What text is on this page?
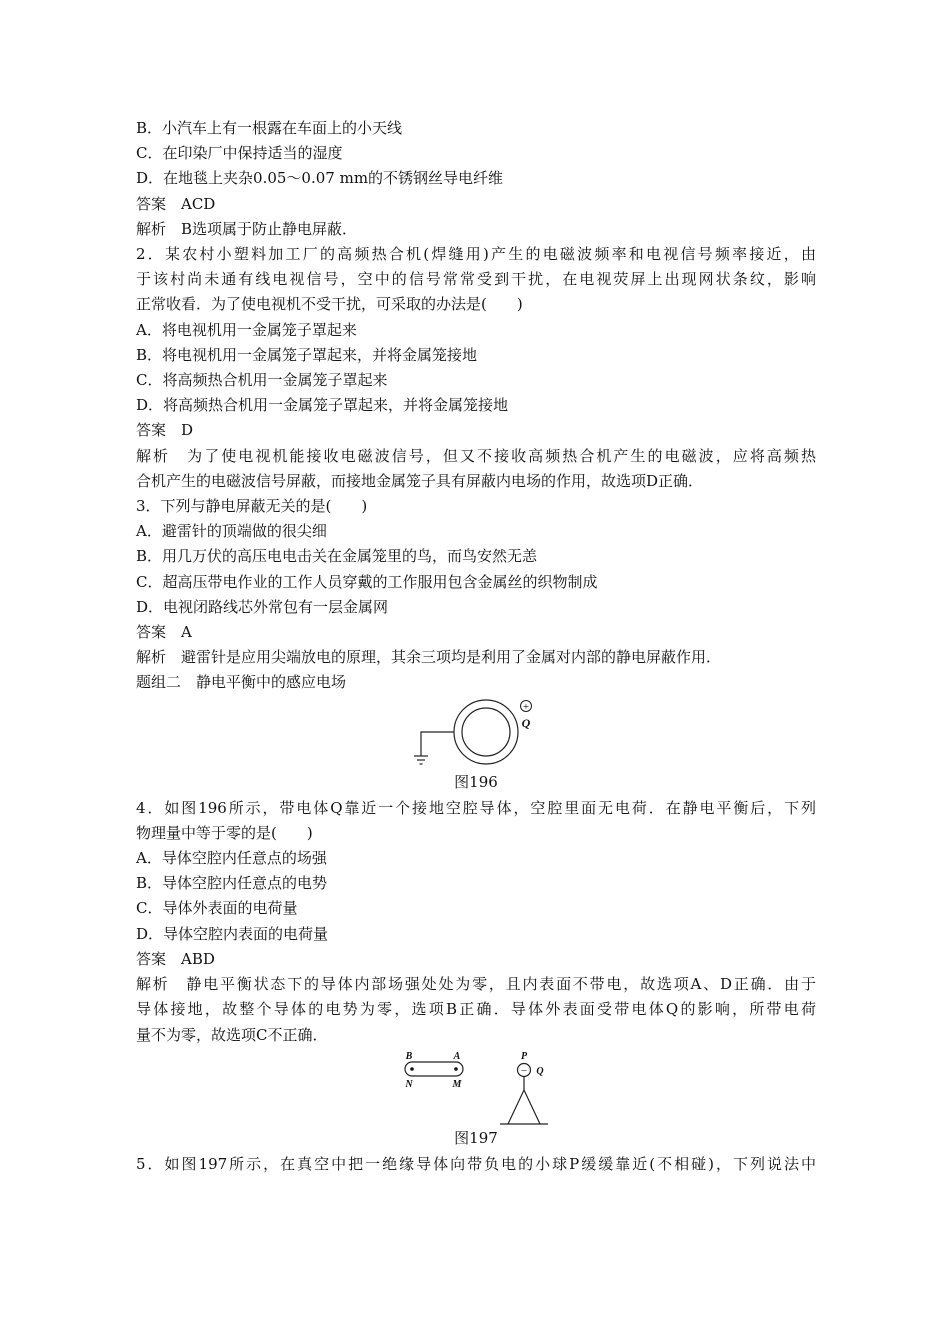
B．小汽车上有一根露在车面上的小天线

C．在印染厂中保持适当的湿度

D．在地毯上夹杂0.05～0.07 mm的不锈钢丝导电纤维

答案　ACD

解析　B选项属于防止静电屏蔽．

2．某农村小塑料加工厂的高频热合机(焊缝用)产生的电磁波频率和电视信号频率接近，由

于该村尚未通有线电视信号，空中的信号常常受到干扰，在电视荧屏上出现网状条纹，影响

正常收看．为了使电视机不受干扰，可采取的办法是(　　)

A．将电视机用一金属笼子罩起来

B．将电视机用一金属笼子罩起来，并将金属笼接地

C．将高频热合机用一金属笼子罩起来

D．将高频热合机用一金属笼子罩起来，并将金属笼接地

答案　D

解析　为了使电视机能接收电磁波信号，但又不接收高频热合机产生的电磁波，应将高频热

合机产生的电磁波信号屏蔽，而接地金属笼子具有屏蔽内电场的作用，故选项D正确．

3．下列与静电屏蔽无关的是(　　)

A．避雷针的顶端做的很尖细

B．用几万伏的高压电电击关在金属笼里的鸟，而鸟安然无恙

C．超高压带电作业的工作人员穿戴的工作服用包含金属丝的织物制成

D．电视闭路线芯外常包有一层金属网

答案　A

解析　避雷针是应用尖端放电的原理，其余三项均是利用了金属对内部的静电屏蔽作用．

题组二　静电平衡中的感应电场

+
Q
图196

4．如图196所示，带电体Q靠近一个接地空腔导体，空腔里面无电荷．在静电平衡后，下列

物理量中等于零的是(　　)

A．导体空腔内任意点的场强

B．导体空腔内任意点的电势

C．导体外表面的电荷量

D．导体空腔内表面的电荷量

答案　ABD

解析　静电平衡状态下的导体内部场强处处为零，且内表面不带电，故选项A、D正确．由于

导体接地，故整个导体的电势为零，选项B正确．导体外表面受带电体Q的影响，所带电荷

量不为零，故选项C不正确．

B	A
N	M
P
− Q
图197

5．如图197所示，在真空中把一绝缘导体向带负电的小球P缓缓靠近(不相碰)，下列说法中
